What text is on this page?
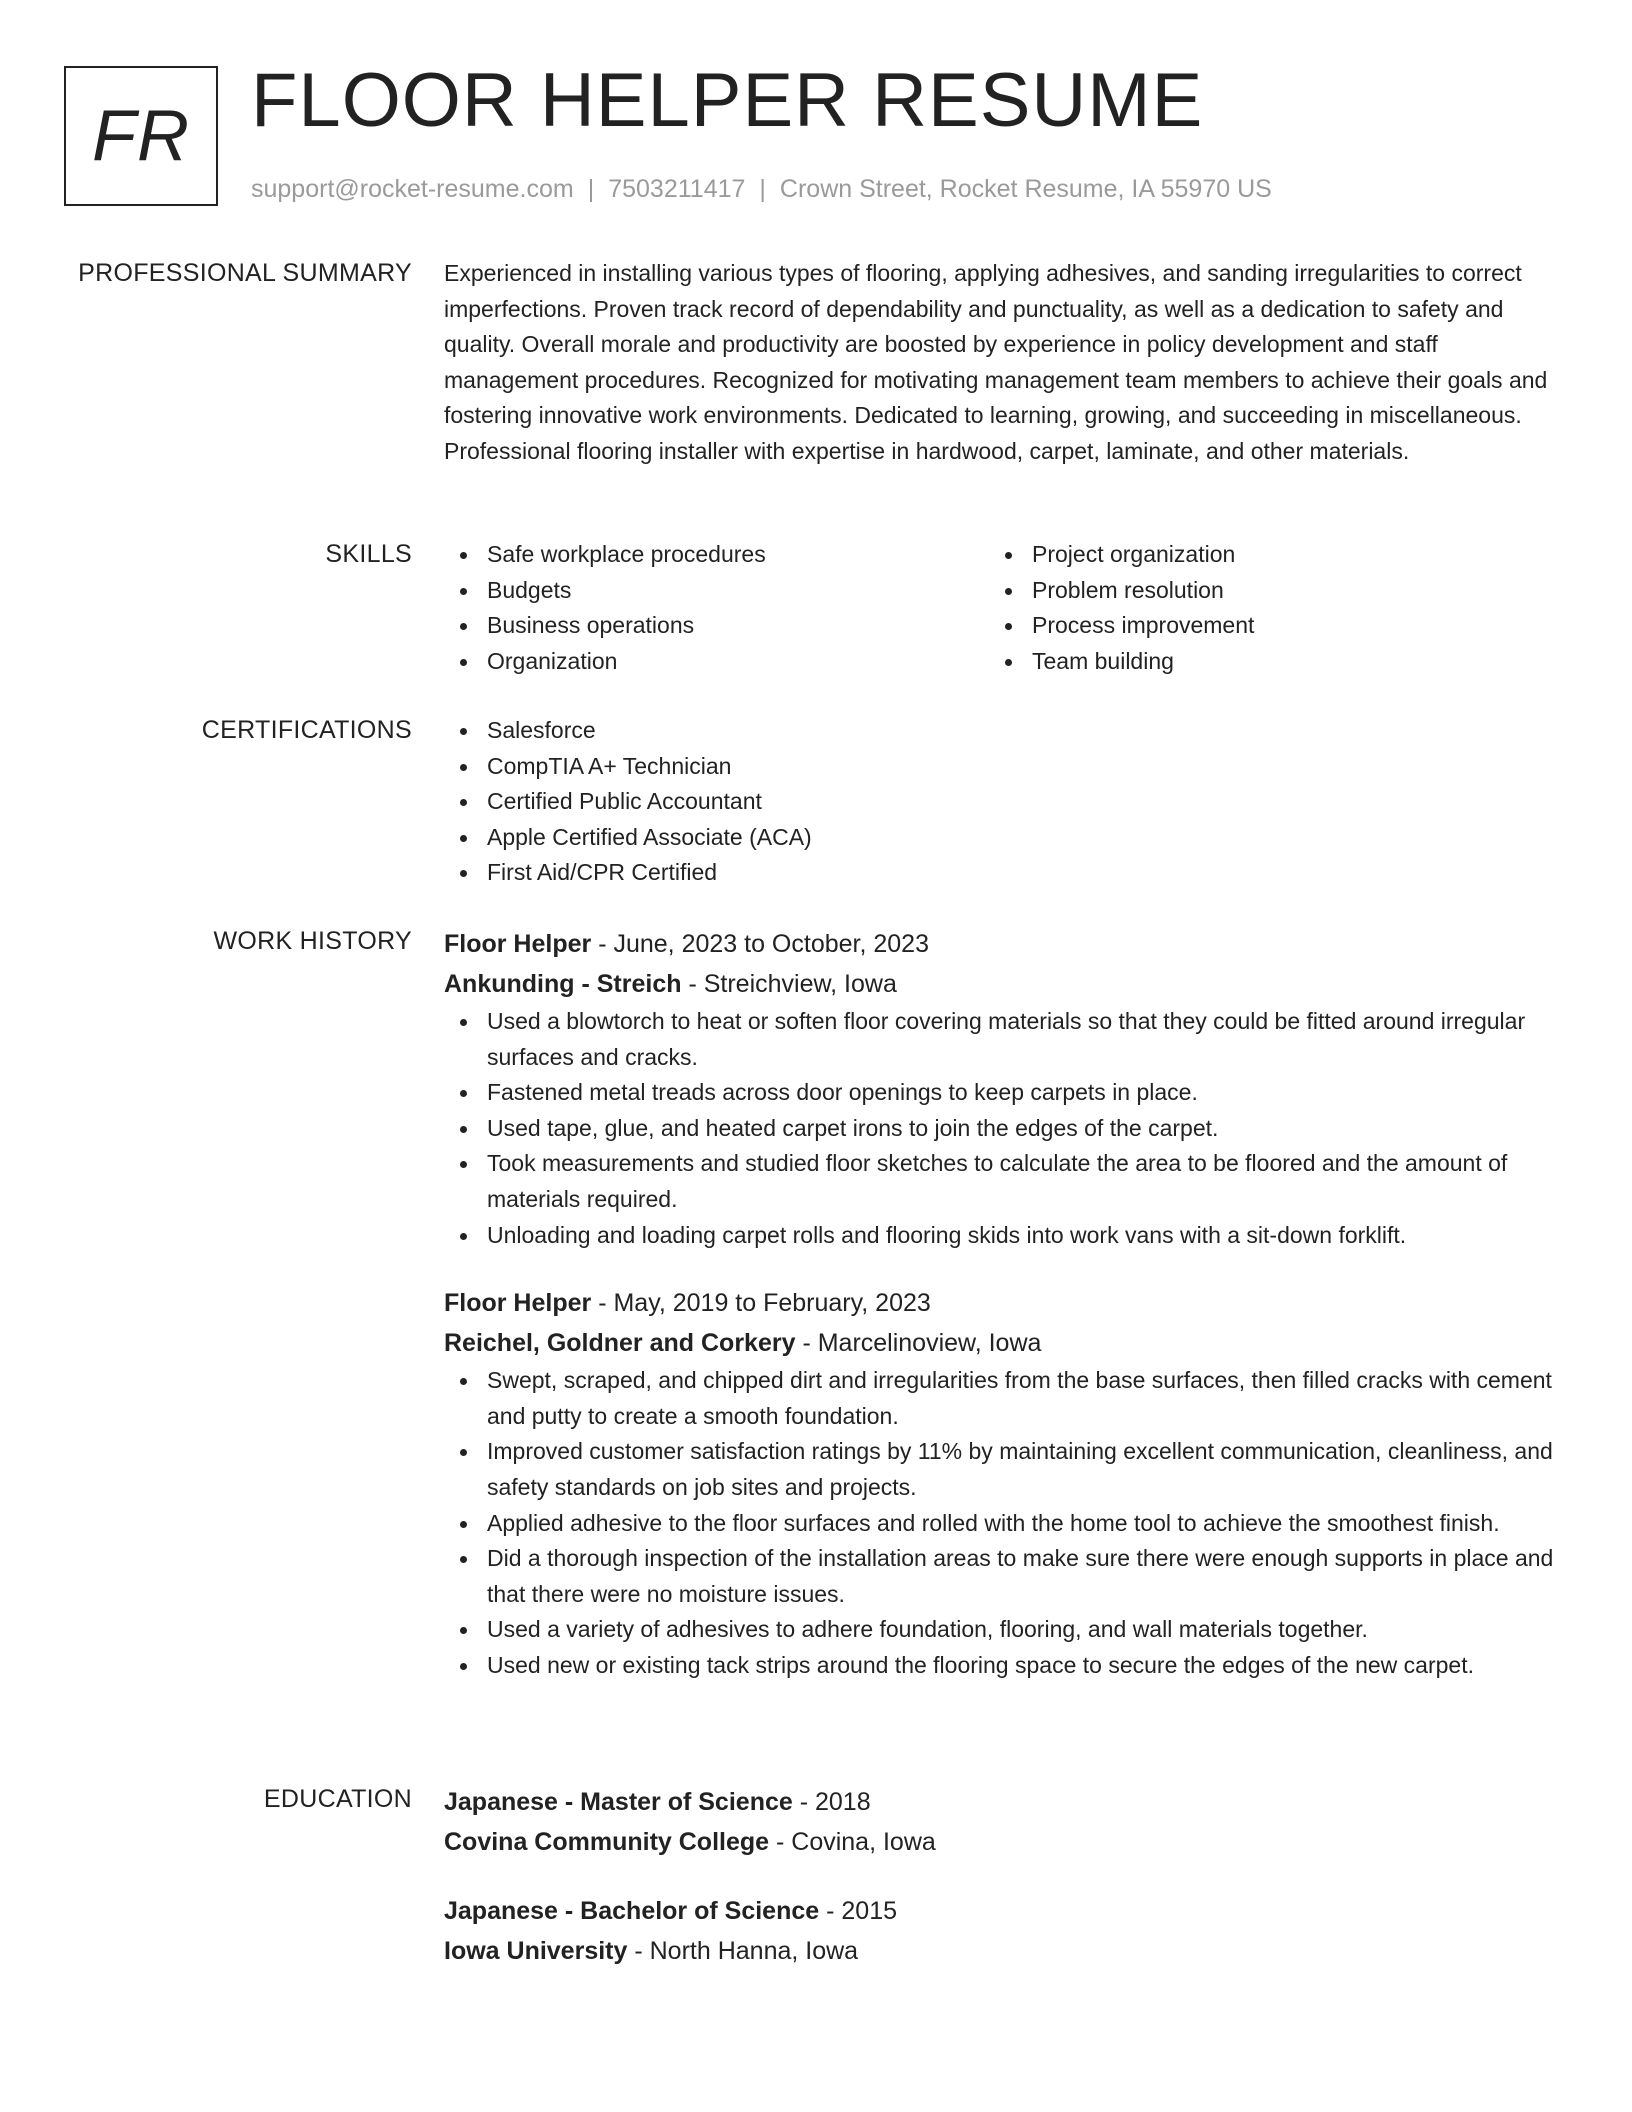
FR FLOOR HELPER RESUME
support@rocket-resume.com | 7503211417 | Crown Street, Rocket Resume, IA 55970 US
PROFESSIONAL SUMMARY Experienced in installing various types of flooring, applying adhesives, and sanding irregularities to correct imperfections. Proven track record of dependability and punctuality, as well as a dedication to safety and quality. Overall morale and productivity are boosted by experience in policy development and staff management procedures. Recognized for motivating management team members to achieve their goals and fostering innovative work environments. Dedicated to learning, growing, and succeeding in miscellaneous. Professional flooring installer with expertise in hardwood, carpet, laminate, and other materials.

SKILLS	Safe workplace procedures
Budgets
Business operations
Organization
Project organization
Problem resolution
Process improvement
Team building
CERTIFICATIONS	Salesforce
CompTIA A+ Technician
Certified Public Accountant
Apple Certified Associate (ACA)
First Aid/CPR Certified
WORK HISTORY Floor Helper - June, 2023 to October, 2023
Ankunding - Streich - Streichview, Iowa
Used a blowtorch to heat or soften floor covering materials so that they could be fitted around irregular surfaces and cracks.
Fastened metal treads across door openings to keep carpets in place.
Used tape, glue, and heated carpet irons to join the edges of the carpet.
Took measurements and studied floor sketches to calculate the area to be floored and the amount of materials required.
Unloading and loading carpet rolls and flooring skids into work vans with a sit-down forklift.
Floor Helper - May, 2019 to February, 2023
Reichel, Goldner and Corkery - Marcelinoview, Iowa
Swept, scraped, and chipped dirt and irregularities from the base surfaces, then filled cracks with cement and putty to create a smooth foundation.
Improved customer satisfaction ratings by 11% by maintaining excellent communication, cleanliness, and safety standards on job sites and projects.
Applied adhesive to the floor surfaces and rolled with the home tool to achieve the smoothest finish.
Did a thorough inspection of the installation areas to make sure there were enough supports in place and that there were no moisture issues.
Used a variety of adhesives to adhere foundation, flooring, and wall materials together.
Used new or existing tack strips around the flooring space to secure the edges of the new carpet.
EDUCATION Japanese - Master of Science - 2018
Covina Community College - Covina, Iowa
Japanese - Bachelor of Science - 2015
Iowa University - North Hanna, Iowa
